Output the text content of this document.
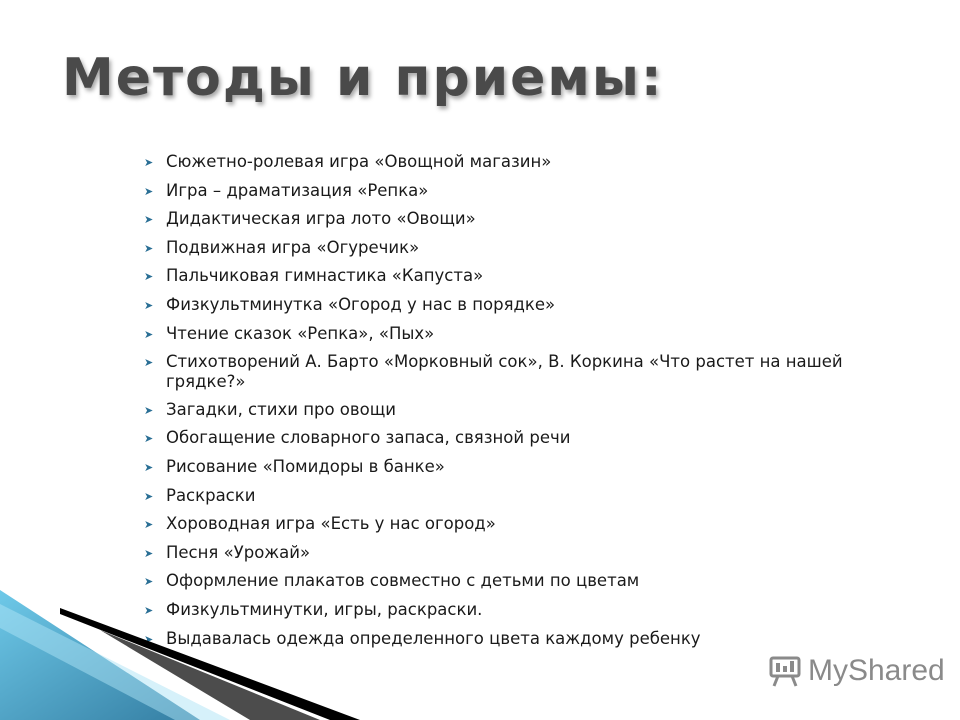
Методы и приемы:
➤ Сюжетно-ролевая игра «Овощной магазин»
➤ Игра – драматизация «Репка»
➤ Дидактическая игра лото «Овощи»
➤ Подвижная игра «Огуречик»
➤ Пальчиковая гимнастика «Капуста»
➤ Физкультминутка «Огород у нас в порядке»
➤ Чтение сказок «Репка», «Пых»
➤ Стихотворений А. Барто «Морковный сок», В. Коркина «Что растет на нашей грядке?»
➤ Загадки, стихи про овощи
➤ Обогащение словарного запаса, связной речи
➤ Рисование «Помидоры в банке»
➤ Раскраски
➤ Хороводная игра «Есть у нас огород»
➤ Песня «Урожай»
➤ Оформление плакатов совместно с детьми по цветам
➤ Физкультминутки, игры, раскраски.
➤ Выдавалась одежда определенного цвета каждому ребенку
MyShared
